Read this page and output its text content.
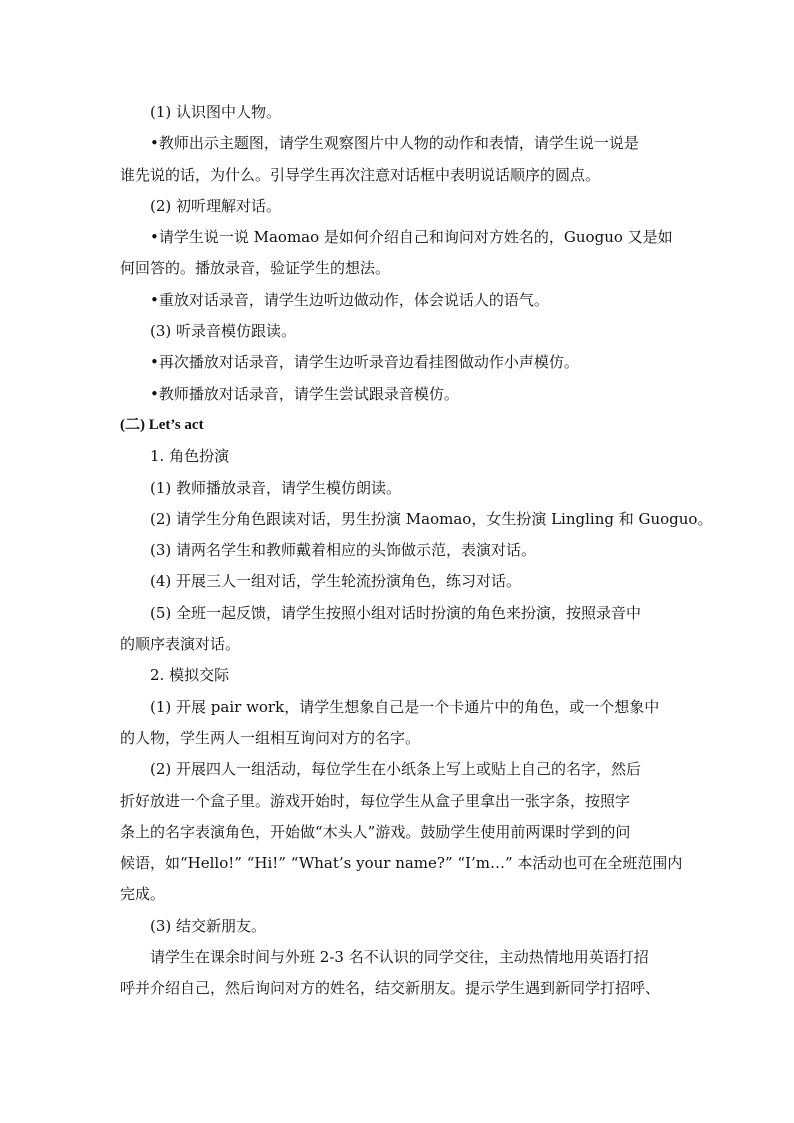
(1) 认识图中人物。
•教师出示主题图，请学生观察图片中人物的动作和表情，请学生说一说是
谁先说的话，为什么。引导学生再次注意对话框中表明说话顺序的圆点。
(2) 初听理解对话。
•请学生说一说 Maomao 是如何介绍自己和询问对方姓名的，Guoguo 又是如
何回答的。播放录音，验证学生的想法。
•重放对话录音，请学生边听边做动作，体会说话人的语气。
(3) 听录音模仿跟读。
•再次播放对话录音，请学生边听录音边看挂图做动作小声模仿。
•教师播放对话录音，请学生尝试跟录音模仿。
(二) Let’s act
1. 角色扮演
(1) 教师播放录音，请学生模仿朗读。
(2) 请学生分角色跟读对话，男生扮演 Maomao，女生扮演 Lingling 和 Guoguo。
(3) 请两名学生和教师戴着相应的头饰做示范，表演对话。
(4) 开展三人一组对话，学生轮流扮演角色，练习对话。
(5) 全班一起反馈，请学生按照小组对话时扮演的角色来扮演，按照录音中
的顺序表演对话。
2. 模拟交际
(1) 开展 pair work，请学生想象自己是一个卡通片中的角色，或一个想象中
的人物，学生两人一组相互询问对方的名字。
(2) 开展四人一组活动，每位学生在小纸条上写上或贴上自己的名字，然后
折好放进一个盒子里。游戏开始时，每位学生从盒子里拿出一张字条，按照字
条上的名字表演角色，开始做“木头人”游戏。鼓励学生使用前两课时学到的问
候语，如“Hello!” “Hi!” “What’s your name?” “I’m…” 本活动也可在全班范围内
完成。
(3) 结交新朋友。
请学生在课余时间与外班 2-3 名不认识的同学交往，主动热情地用英语打招
呼并介绍自己，然后询问对方的姓名，结交新朋友。提示学生遇到新同学打招呼、
